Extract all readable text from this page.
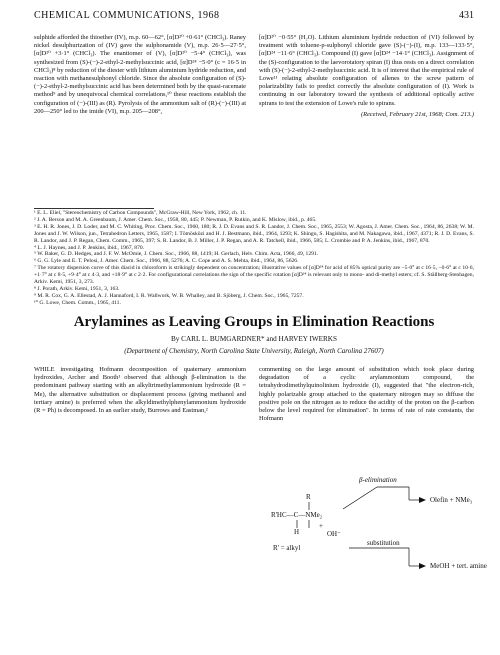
CHEMICAL COMMUNICATIONS, 1968	431

sulphide afforded the thioether (IV), m.p. 60—62°, [α]D²⁰ +0·61° (CHCl₃). Raney nickel desulphurization of (IV) gave the sulphonamide (V), m.p. 26·5—27·5°, [α]D²⁰ +3·1° (CHCl₃). The enantiomer of (V), [α]D²⁰ −5·4° (CHCl₃), was synthesized from (S)-(−)-2-ethyl-2-methylsuccinic acid, [α]D²⁴ −5·0° (c = 16·5 in CHCl₃)⁸ by reduction of the diester with lithium aluminium hydride reduction, and reaction with methanesulphonyl chloride. Since the absolute configuration of (S)-(−)-2-ethyl-2-methylsuccinic acid has been determined both by the quasi-racemate method⁹ and by unequivocal chemical correlations,¹⁰ these reactions establish the configuration of (−)-(III) as (R). Pyrolysis of the ammonium salt of (R)-(−)-(III) at 200—250° led to the imide (VI), m.p. 205—208°,

[α]D²⁰ −0·55° (H₂O). Lithium aluminium hydride reduction of (VI) followed by treatment with toluene-p-sulphonyl chloride gave (S)-(−)-(I), m.p. 133—133·5°, [α]D²⁴ −11·6° (CHCl₃). Compound (I) gave [α]D²⁴ −14·1° (CHCl₃). Assignment of the (S)-configuration to the laevorotatory spiran (I) thus rests on a direct correlation with (S)-(−)-2-ethyl-2-methylsuccinic acid. It is of interest that the empirical rule of Lowe¹¹ relating absolute configuration of allenes to the screw pattern of polarizability fails to predict correctly the absolute configuration of (I). Work is continuing in our laboratory toward the synthesis of additional optically active spirans to test the extension of Lowe's rule to spirans.

(Received, February 21st, 1968; Com. 213.)

¹ E. L. Eliel, "Stereochemistry of Carbon Compounds", McGraw-Hill, New York, 1962, ch. 11.

² J. A. Berson and M. A. Greenbaum, J. Amer. Chem. Soc., 1958, 80, 445; P. Newman, P. Rutkin, and K. Mislow, ibid., p. 465.

³ E. H. R. Jones, J. D. Loder, and M. C. Whiting, Proc. Chem. Soc., 1960, 180; R. J. D. Evans and S. R. Landor, J. Chem. Soc., 1965, 2553; W. Agosta, J. Amer. Chem. Soc., 1964, 86, 2638; W. M. Jones and J. W. Wilson, jun., Tetrahedron Letters, 1965, 1587; I. Tömösközi and H. J. Bestmann, ibid., 1964, 1293; K. Shingu, S. Hagishita, and M. Nakagawa, ibid., 1967, 4371; R. J. D. Evans, S. R. Landor, and J. P. Regan, Chem. Comm., 1965, 397; S. R. Landor, B. J. Miller, J. P. Regan, and A. R. Tatchell, ibid., 1966, 585; L. Crombie and P. A. Jenkins, ibid., 1967, 870.

⁴ L. J. Haynes, and J. P. Jenkins, ibid., 1967, 870.

⁵ W. Baker, G. D. Hedges, and J. F. W. McOmie, J. Chem. Soc., 1966, 88, 1419; H. Gerlach, Helv. Chim. Acta, 1966, 49, 1291.

⁶ G. G. Lyle and E. T. Pelosi, J. Amer. Chem. Soc., 1966, 88, 5276; A. C. Cope and A. S. Mehta, ibid., 1964, 86, 5626.

⁷ The rotatory dispersion curve of this diacid in chloroform is strikingly dependent on concentration; illustrative values of [α]D²⁴ for acid of 85% optical purity are −5·0° at c 16·5, −0·6° at c 10·6, +1·7° at c 8·5, +9·4° at c 4·3, and +18·9° at c 2·2. For configurational correlations the sign of the specific rotation [α]D²⁴ is relevant only to mono- and di-methyl esters; cf. S. Ställberg-Stenhagen, Arkiv. Kemi, 1951, 3, 273.

⁸ J. Porath, Arkiv. Kemi, 1951, 3, 163.

⁹ M. R. Cox, G. A. Ellestad, A. J. Hannaford, I. R. Wallwork, W. B. Whalley, and B. Sjöberg, J. Chem. Soc., 1965, 7257.

¹⁰ G. Lowe, Chem. Comm., 1965, 411.

Arylamines as Leaving Groups in Elimination Reactions
By CARL L. BUMGARDNER* and HARVEY IWERKS
(Department of Chemistry, North Carolina State University, Raleigh, North Carolina 27607)

WHILE investigating Hofmann decomposition of quaternary ammonium hydroxides, Archer and Booth¹ observed that although β-elimination is the predominant pathway starting with an alkyltrimethylammonium hydroxide (R = Me), the alternative substitution or displacement process (giving methanol and tertiary amine) is preferred when the alkyldimethylphenylammonium hydroxide (R = Ph) is decomposed. In an earlier study, Burrows and Eastman,²

commenting on the large amount of substitution which took place during degradation of a cyclic arylammonium compound, the tetrahydrodimethylquinolinium hydroxide (I), suggested that "the electron-rich, highly polarizable group attached to the quaternary nitrogen may so diffuse the positive pole on the nitrogen as to reduce the acidity of the proton on the β-carbon below the level required for elimination". In terms of rate of rate constants, the Hofmann

R
R'HC—C—NMe₂
H
+
OH⁻
R' = alkyl
β-elimination
Olefin + NMe₃
substitution
MeOH + tert. amine
